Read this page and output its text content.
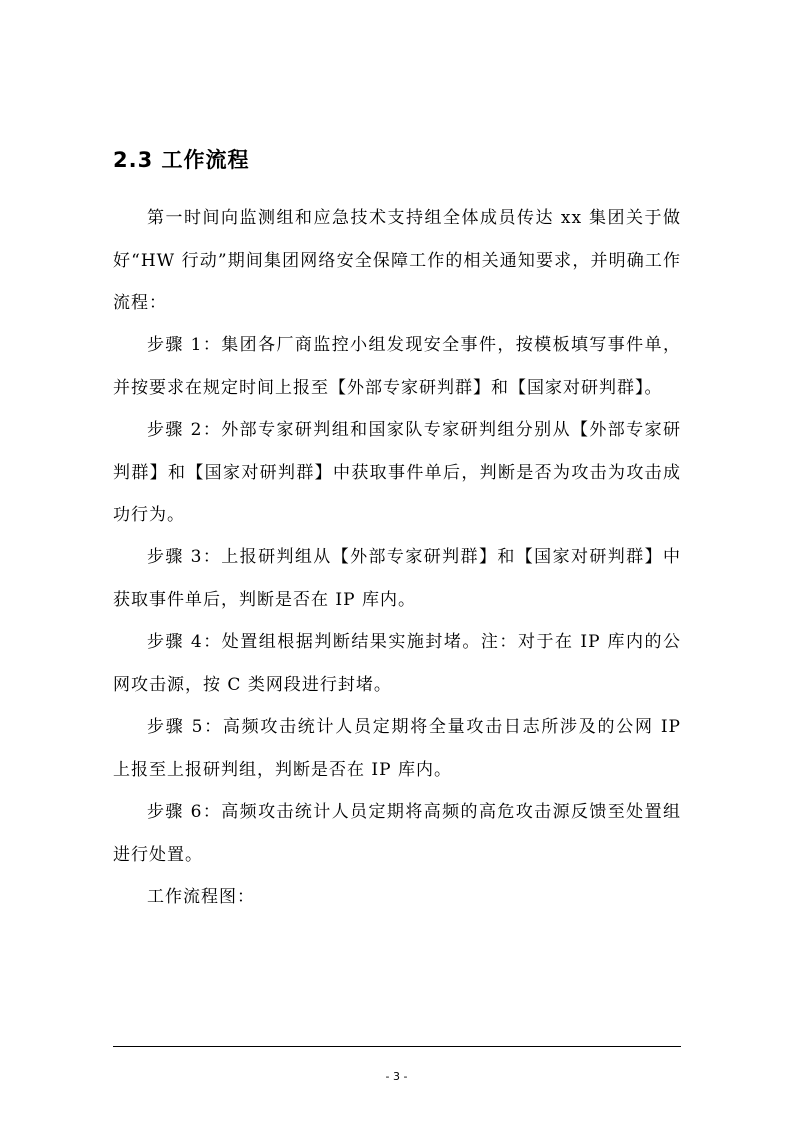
2.3 工作流程

第一时间向监测组和应急技术支持组全体成员传达 xx 集团关于做好“HW 行动”期间集团网络安全保障工作的相关通知要求，并明确工作流程：

步骤 1：集团各厂商监控小组发现安全事件，按模板填写事件单，并按要求在规定时间上报至【外部专家研判群】和【国家对研判群】。

步骤 2：外部专家研判组和国家队专家研判组分别从【外部专家研判群】和【国家对研判群】中获取事件单后，判断是否为攻击为攻击成功行为。

步骤 3：上报研判组从【外部专家研判群】和【国家对研判群】中获取事件单后，判断是否在 IP 库内。

步骤 4：处置组根据判断结果实施封堵。注：对于在 IP 库内的公网攻击源，按 C 类网段进行封堵。

步骤 5：高频攻击统计人员定期将全量攻击日志所涉及的公网 IP 上报至上报研判组，判断是否在 IP 库内。

步骤 6：高频攻击统计人员定期将高频的高危攻击源反馈至处置组进行处置。

工作流程图：

- 3 -
